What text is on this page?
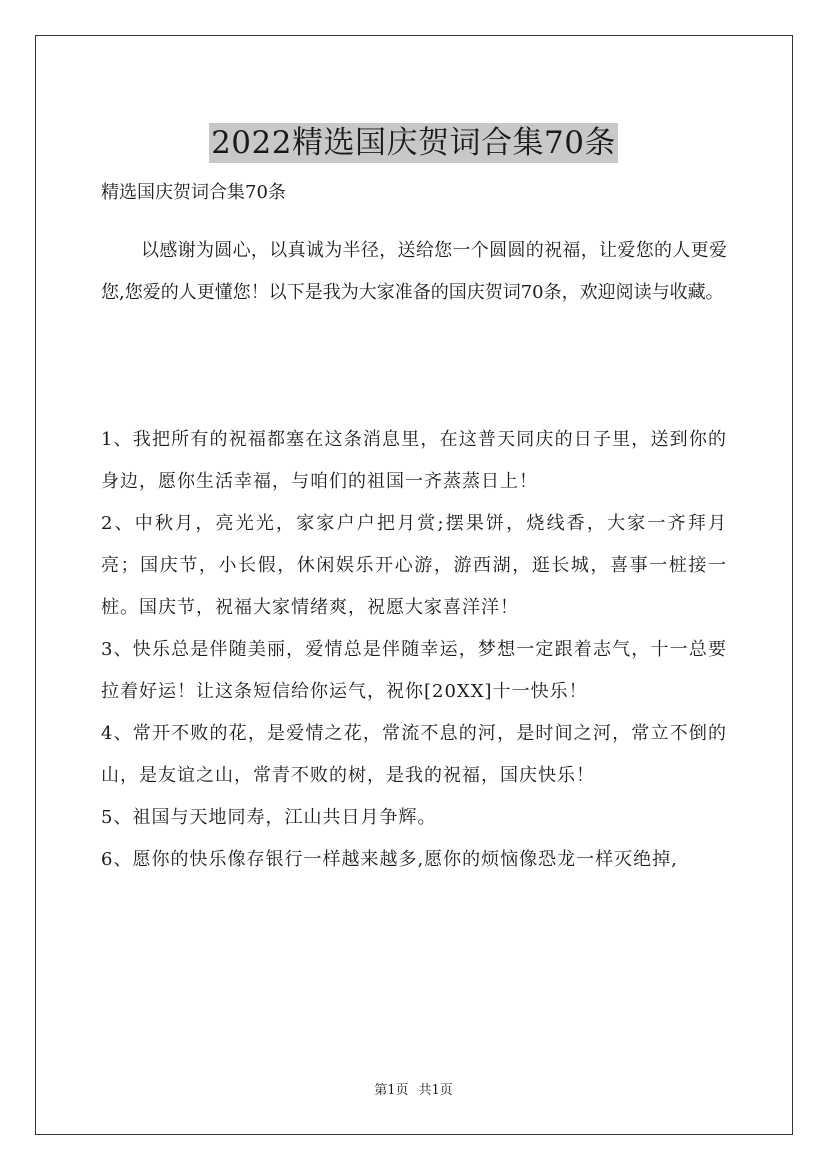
2022精选国庆贺词合集70条

精选国庆贺词合集70条

以感谢为圆心，以真诚为半径，送给您一个圆圆的祝福，让爱您的人更爱您,您爱的人更懂您！以下是我为大家准备的国庆贺词70条，欢迎阅读与收藏。

1、我把所有的祝福都塞在这条消息里，在这普天同庆的日子里，送到你的身边，愿你生活幸福，与咱们的祖国一齐蒸蒸日上！
2、中秋月，亮光光，家家户户把月赏;摆果饼，烧线香，大家一齐拜月亮；国庆节，小长假，休闲娱乐开心游，游西湖，逛长城，喜事一桩接一桩。国庆节，祝福大家情绪爽，祝愿大家喜洋洋！
3、快乐总是伴随美丽，爱情总是伴随幸运，梦想一定跟着志气，十一总要拉着好运！让这条短信给你运气，祝你[20XX]十一快乐！
4、常开不败的花，是爱情之花，常流不息的河，是时间之河，常立不倒的山，是友谊之山，常青不败的树，是我的祝福，国庆快乐！
5、祖国与天地同寿，江山共日月争辉。
6、愿你的快乐像存银行一样越来越多,愿你的烦恼像恐龙一样灭绝掉,
第1页 共1页
